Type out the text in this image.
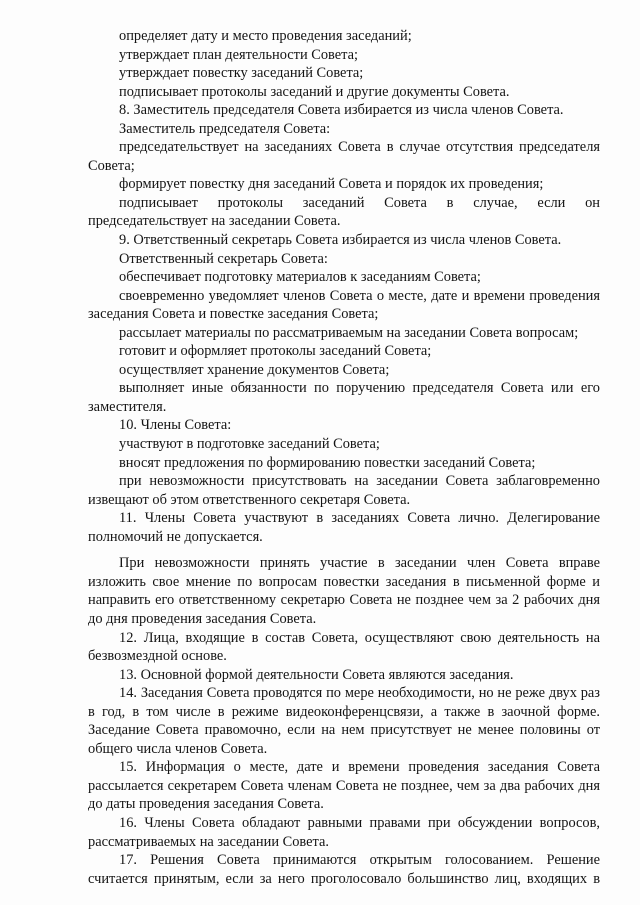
определяет дату и место проведения заседаний;

утверждает план деятельности Совета;

утверждает повестку заседаний Совета;

подписывает протоколы заседаний и другие документы Совета.

8. Заместитель председателя Совета избирается из числа членов Совета.

Заместитель председателя Совета:

председательствует на заседаниях Совета в случае отсутствия председателя Совета;

формирует повестку дня заседаний Совета и порядок их проведения;

подписывает протоколы заседаний Совета в случае, если он председательствует на заседании Совета.

9. Ответственный секретарь Совета избирается из числа членов Совета.

Ответственный секретарь Совета:

обеспечивает подготовку материалов к заседаниям Совета;

своевременно уведомляет членов Совета о месте, дате и времени проведения заседания Совета и повестке заседания Совета;

рассылает материалы по рассматриваемым на заседании Совета вопросам;

готовит и оформляет протоколы заседаний Совета;

осуществляет хранение документов Совета;

выполняет иные обязанности по поручению председателя Совета или его заместителя.

10. Члены Совета:

участвуют в подготовке заседаний Совета;

вносят предложения по формированию повестки заседаний Совета;

при невозможности присутствовать на заседании Совета заблаговременно извещают об этом ответственного секретаря Совета.

11. Члены Совета участвуют в заседаниях Совета лично. Делегирование полномочий не допускается.

При невозможности принять участие в заседании член Совета вправе изложить свое мнение по вопросам повестки заседания в письменной форме и направить его ответственному секретарю Совета не позднее чем за 2 рабочих дня до дня проведения заседания Совета.

12. Лица, входящие в состав Совета, осуществляют свою деятельность на безвозмездной основе.

13. Основной формой деятельности Совета являются заседания.

14. Заседания Совета проводятся по мере необходимости, но не реже двух раз в год, в том числе в режиме видеоконференцсвязи, а также в заочной форме. Заседание Совета правомочно, если на нем присутствует не менее половины от общего числа членов Совета.

15. Информация о месте, дате и времени проведения заседания Совета рассылается секретарем Совета членам Совета не позднее, чем за два рабочих дня до даты проведения заседания Совета.

16. Члены Совета обладают равными правами при обсуждении вопросов, рассматриваемых на заседании Совета.

17. Решения Совета принимаются открытым голосованием. Решение считается принятым, если за него проголосовало большинство лиц, входящих в
